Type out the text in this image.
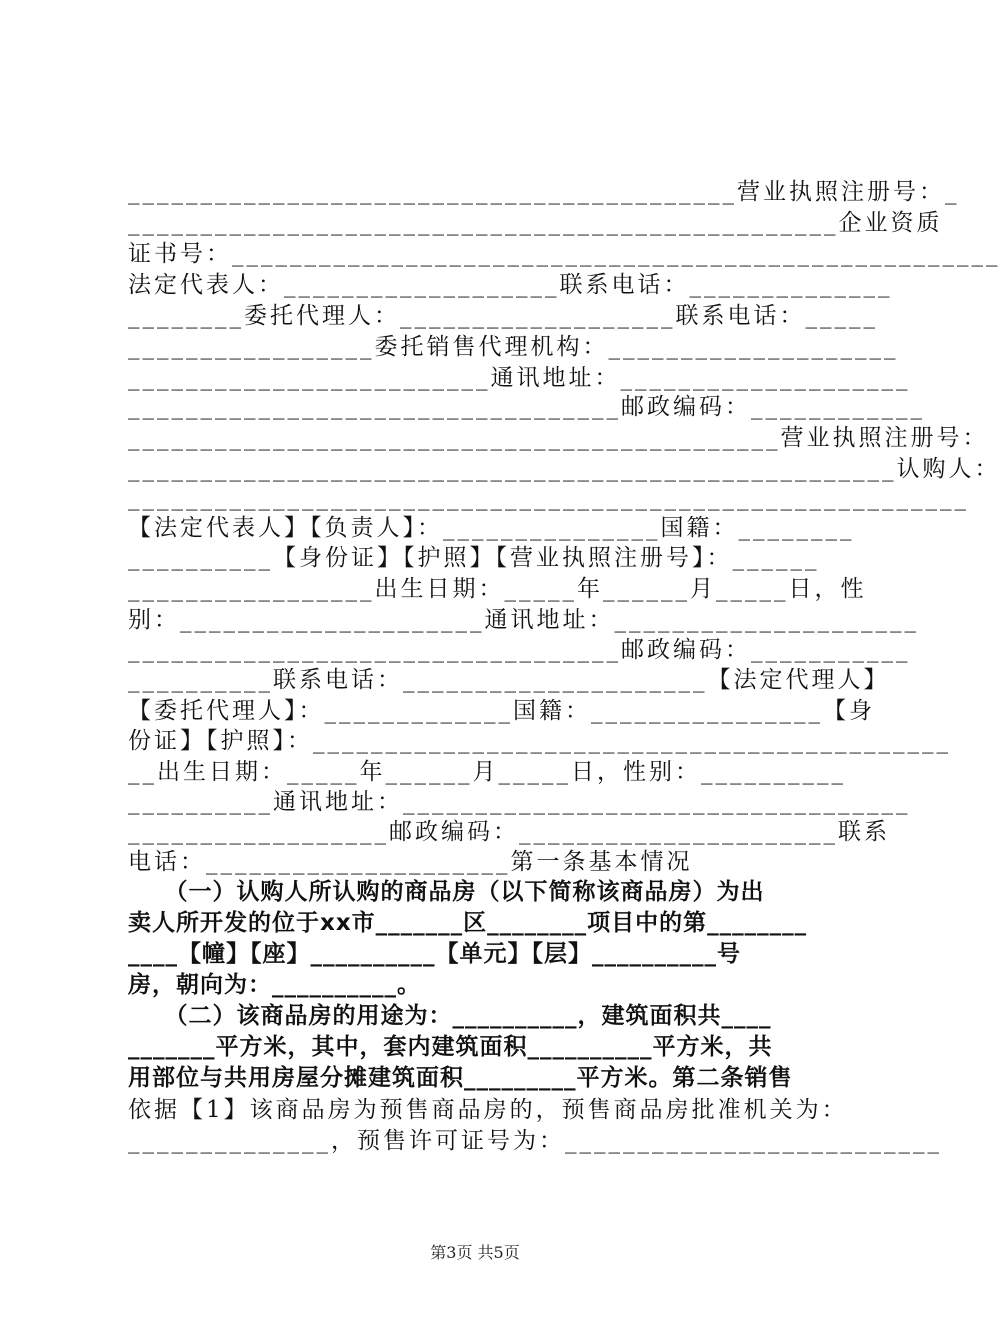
__________________________________________营业执照注册号：_
_________________________________________________企业资质
证书号：_____________________________________________________
法定代表人：___________________联系电话：______________
________委托代理人：___________________联系电话：_____
_________________委托销售代理机构：____________________
_________________________通讯地址：____________________
__________________________________邮政编码：____________
_____________________________________________营业执照注册号：
_____________________________________________________认购人：
__________________________________________________________
【法定代表人】【负责人】：_______________国籍：________
__________【身份证】【护照】【营业执照注册号】：______
_________________出生日期：_____年______月_____日，性
别：_____________________通讯地址：_____________________
__________________________________邮政编码：___________
__________联系电话：_____________________【法定代理人】
【委托代理人】：_____________国籍：________________【身
份证】【护照】：____________________________________________
__出生日期：_____年______月_____日，性别：__________
__________通讯地址：___________________________________
__________________邮政编码：______________________联系
电话：_____________________第一条基本情况
　　（一）认购人所认购的商品房（以下简称该商品房）为出
卖人所开发的位于xx市_______区________项目中的第________
____【幢】【座】__________【单元】【层】__________号
房，朝向为：__________。
　　（二）该商品房的用途为：__________，建筑面积共____
_______平方米，其中，套内建筑面积__________平方米，共
用部位与共用房屋分摊建筑面积_________平方米。第二条销售
依据【1】该商品房为预售商品房的，预售商品房批准机关为：
______________，预售许可证号为：__________________________
第3页 共5页
